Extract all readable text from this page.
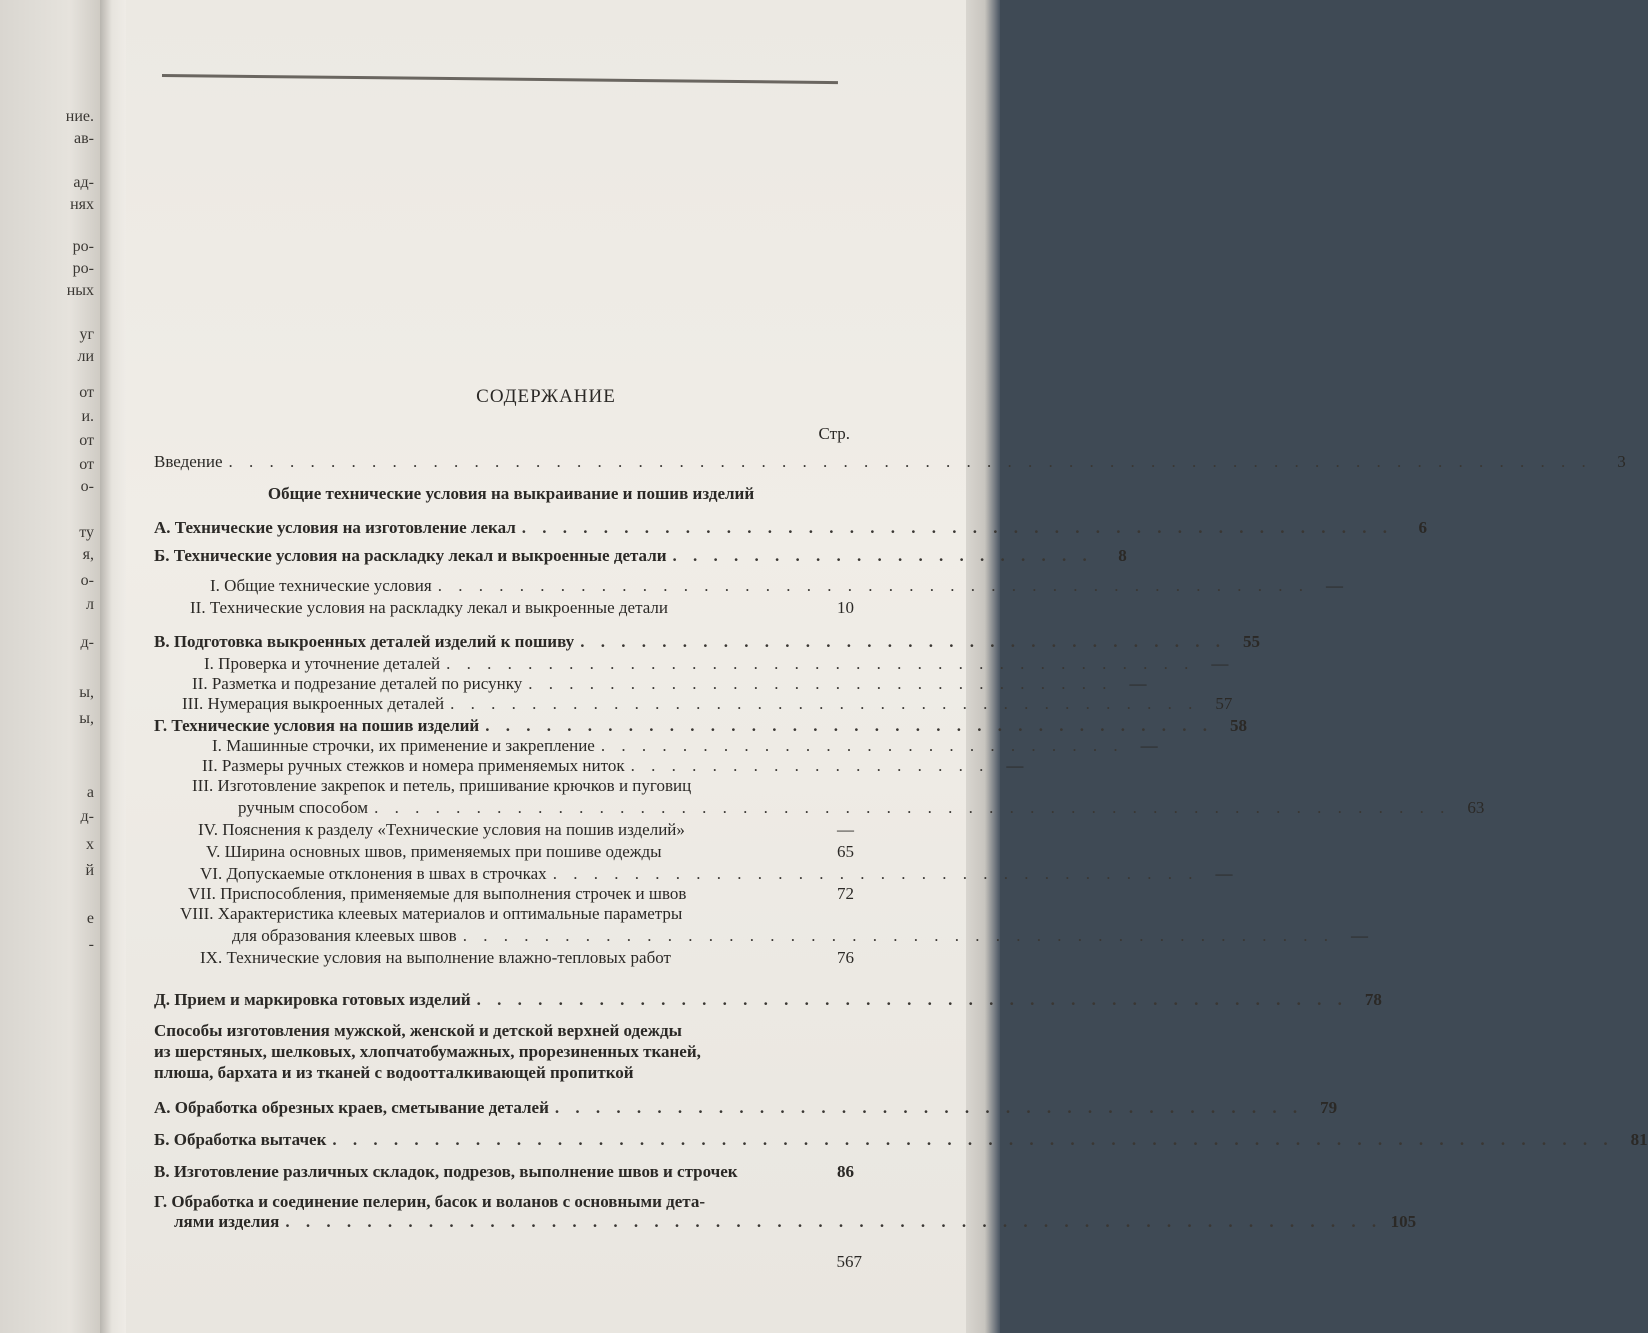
ние.
ав-
ад-
нях
ро-
ро-
ных
уг
ли
от
и.
от
от
о-
ту
я,
о-
л
д-
ы,
ы,
а
д-
х
й
е
-
СОДЕРЖАНИЕ
Стр.
Введение . . . . . . . . . . . . . . . . . . . . . . . . . . . . . . . . . . . . . . . . . . . . . . . . . . . . . . . . . . . . . . . . . . .	3
Общие технические условия на выкраивание и пошив изделий
А. Технические условия на изготовление лекал . . . . . . . . . . . . . . . . . . . . . . . . . . . . . . . . . . . . . . . . . . .	6
Б. Технические условия на раскладку лекал и выкроенные детали . . . . . . . . . . . . . . . . . . . . .	8
I. Общие технические условия . . . . . . . . . . . . . . . . . . . . . . . . . . . . . . . . . . . . . . . . . . .	—
II. Технические условия на раскладку лекал и выкроенные детали	10
В. Подготовка выкроенных деталей изделий к пошиву . . . . . . . . . . . . . . . . . . . . . . . . . . . . . . . .	55
I. Проверка и уточнение деталей . . . . . . . . . . . . . . . . . . . . . . . . . . . . . . . . . . . . .	—
II. Разметка и подрезание деталей по рисунку . . . . . . . . . . . . . . . . . . . . . . . . . . . . .	—
III. Нумерация выкроенных деталей . . . . . . . . . . . . . . . . . . . . . . . . . . . . . . . . . . . . .	57
Г. Технические условия на пошив изделий . . . . . . . . . . . . . . . . . . . . . . . . . . . . . . . . . . . .	58
I. Машинные строчки, их применение и закрепление . . . . . . . . . . . . . . . . . . . . . . . . . .	—
II. Размеры ручных стежков и номера применяемых ниток . . . . . . . . . . . . . . . . . .	—
III. Изготовление закрепок и петель, пришивание крючков и пуговиц
ручным способом . . . . . . . . . . . . . . . . . . . . . . . . . . . . . . . . . . . . . . . . . . . . . . . . . . . . .	63
IV. Пояснения к разделу «Технические условия на пошив изделий»	—
V. Ширина основных швов, применяемых при пошиве одежды	65
VI. Допускаемые отклонения в швах в строчках . . . . . . . . . . . . . . . . . . . . . . . . . . . . . . . .	—
VII. Приспособления, применяемые для выполнения строчек и швов	72
VIII. Характеристика клеевых материалов и оптимальные параметры
для образования клеевых швов . . . . . . . . . . . . . . . . . . . . . . . . . . . . . . . . . . . . . . . . . . .	—
IX. Технические условия на выполнение влажно-тепловых работ	76
Д. Прием и маркировка готовых изделий . . . . . . . . . . . . . . . . . . . . . . . . . . . . . . . . . . . . . . . . . . .	78
Способы изготовления мужской, женской и детской верхней одежды
из шерстяных, шелковых, хлопчатобумажных, прорезиненных тканей,
плюша, бархата и из тканей с водоотталкивающей пропиткой
А. Обработка обрезных краев, сметывание деталей . . . . . . . . . . . . . . . . . . . . . . . . . . . . . . . . . . . . .	79
Б. Обработка вытачек . . . . . . . . . . . . . . . . . . . . . . . . . . . . . . . . . . . . . . . . . . . . . . . . . . . . . . . . . . . . . . .	81
В. Изготовление различных складок, подрезов, выполнение швов и строчек	86
Г. Обработка и соединение пелерин, басок и воланов с основными дета-
лями изделия . . . . . . . . . . . . . . . . . . . . . . . . . . . . . . . . . . . . . . . . . . . . . . . . . . . . . . 105
567
